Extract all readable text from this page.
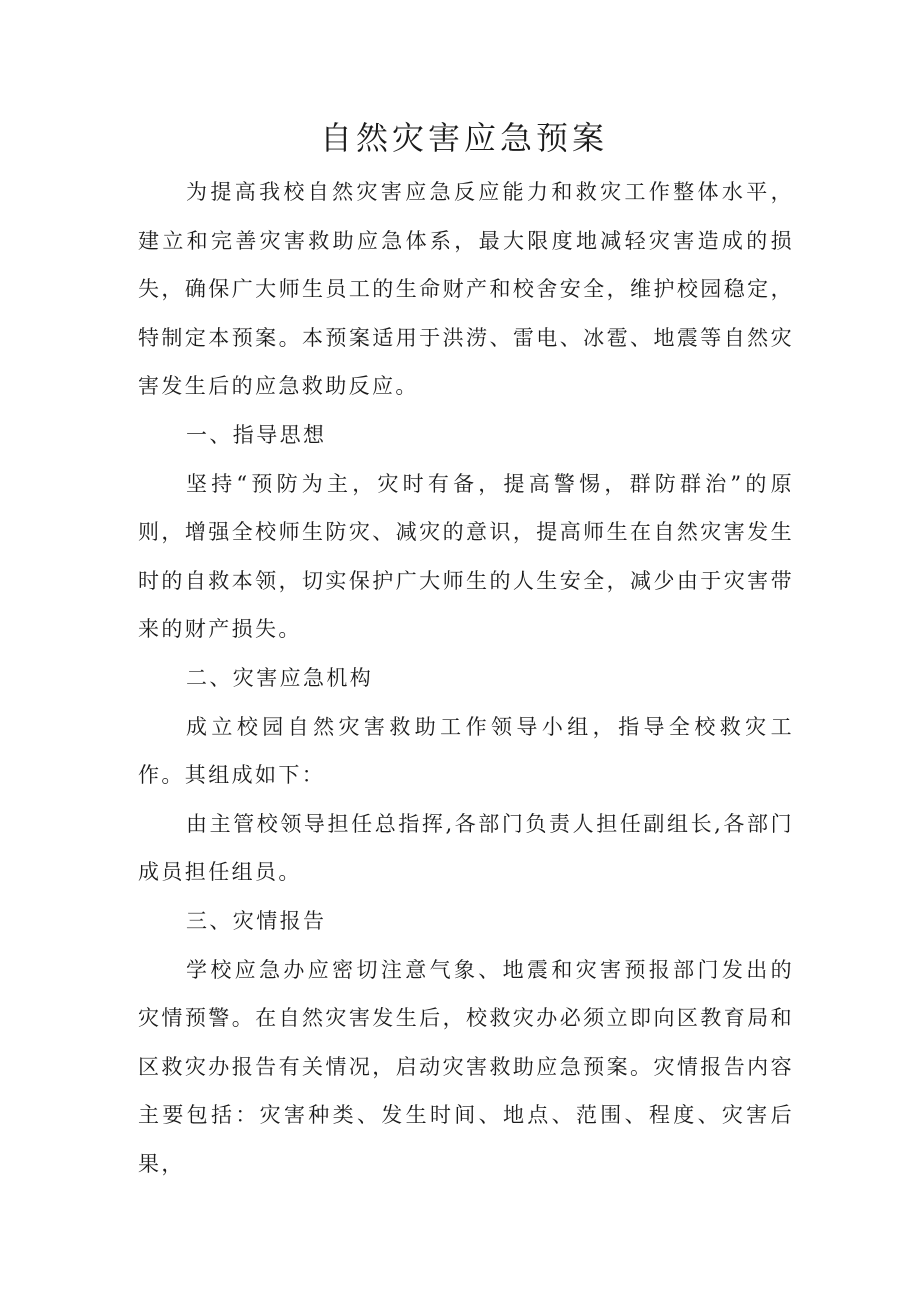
自然灾害应急预案

为提高我校自然灾害应急反应能力和救灾工作整体水平，建立和完善灾害救助应急体系，最大限度地减轻灾害造成的损失，确保广大师生员工的生命财产和校舍安全，维护校园稳定，特制定本预案。本预案适用于洪涝、雷电、冰雹、地震等自然灾害发生后的应急救助反应。

一、指导思想

坚持“预防为主，灾时有备，提高警惕，群防群治”的原则，增强全校师生防灾、减灾的意识，提高师生在自然灾害发生时的自救本领，切实保护广大师生的人生安全，减少由于灾害带来的财产损失。

二、灾害应急机构

成立校园自然灾害救助工作领导小组，指导全校救灾工作。其组成如下：

由主管校领导担任总指挥,各部门负责人担任副组长,各部门成员担任组员。

三、灾情报告

学校应急办应密切注意气象、地震和灾害预报部门发出的灾情预警。在自然灾害发生后，校救灾办必须立即向区教育局和区救灾办报告有关情况，启动灾害救助应急预案。灾情报告内容主要包括：灾害种类、发生时间、地点、范围、程度、灾害后果，
